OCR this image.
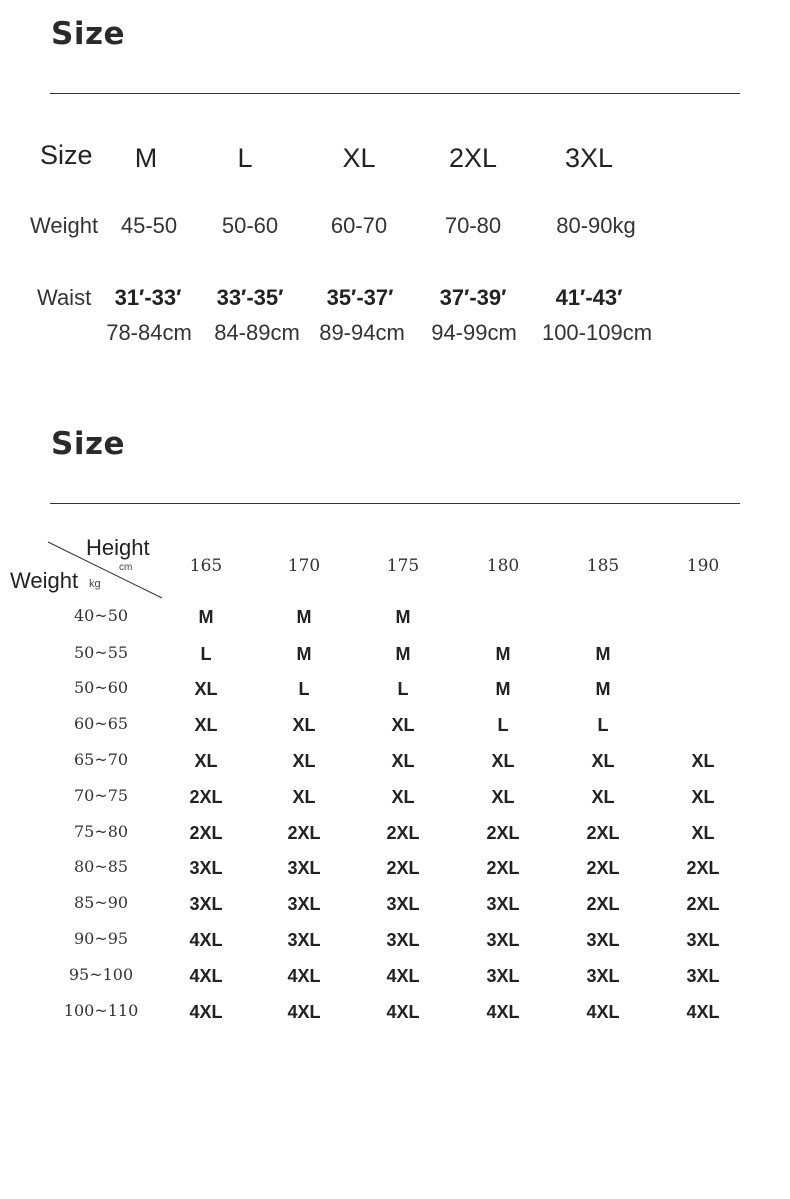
Size
Size M	L	XL	2XL	3XL
Weight 45-50 50-60 60-70	70-80	80-90kg
Waist 31′-33′ 33′-35′ 35′-37′ 37′-39′ 41′-43′
78-84cm 84-89cm 89-94cm 94-99cm 100-109cm
Size
Height
cm
Weight kg
165	170	175	180	185	190
40~50	M	M	M
50~55	L	M	M	M	M
50~60	XL	L	L	M	M
60~65	XL	XL	XL	L	L
65~70	XL	XL	XL	XL	XL	XL
70~75	2XL	XL	XL	XL	XL	XL
75~80	2XL	2XL	2XL	2XL	2XL	XL
80~85	3XL	3XL	2XL	2XL	2XL	2XL
85~90	3XL	3XL	3XL	3XL	2XL	2XL
90~95	4XL	3XL	3XL	3XL	3XL	3XL
95~100	4XL	4XL	4XL	3XL	3XL	3XL
100~110	4XL	4XL	4XL	4XL	4XL	4XL
